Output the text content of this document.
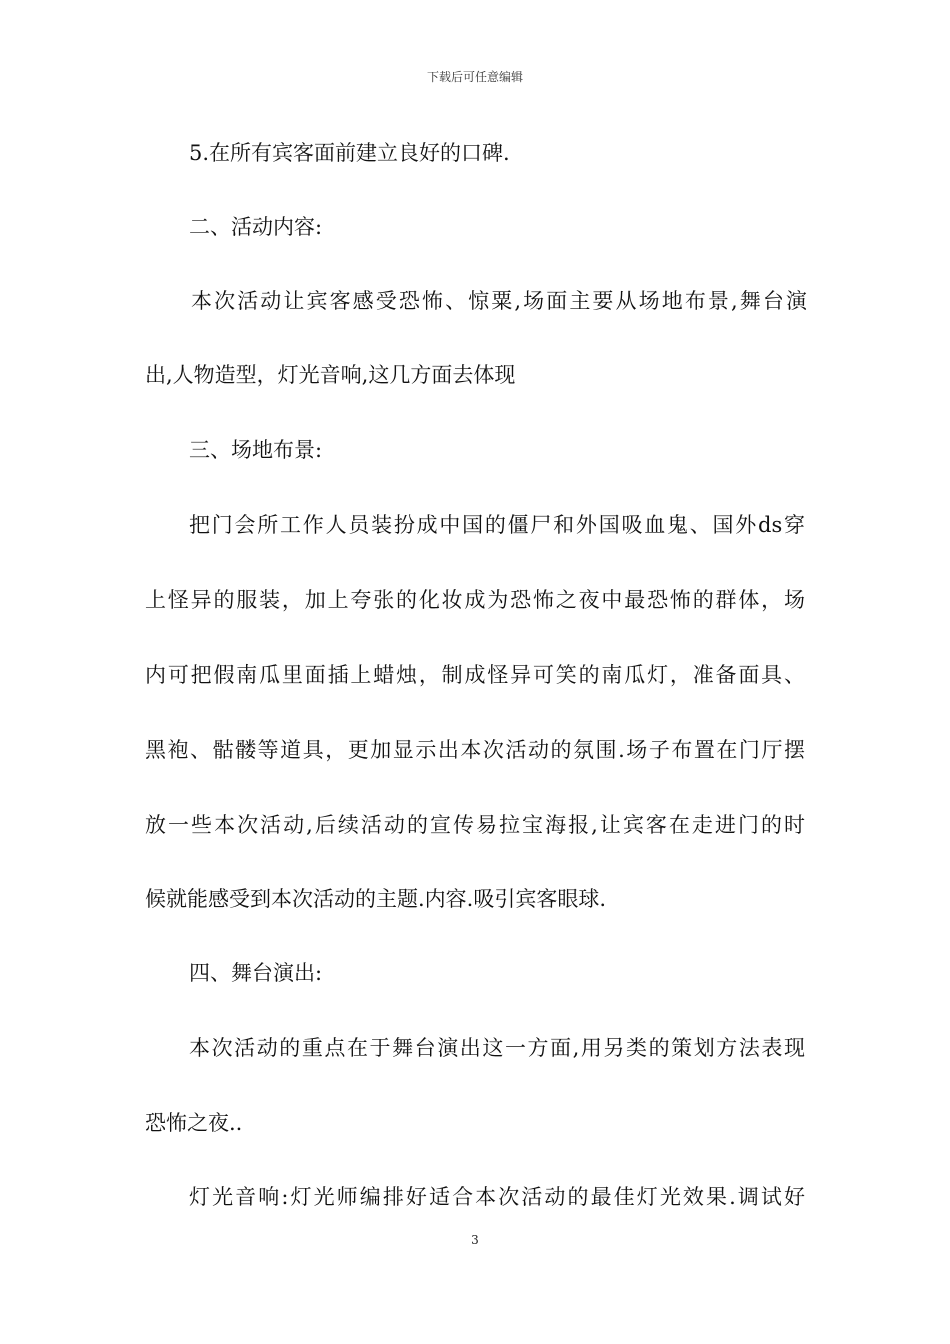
下载后可任意编辑
5.在所有宾客面前建立良好的口碑.
二、活动内容:
本次活动让宾客感受恐怖、惊粟,场面主要从场地布景,舞台演
出,人物造型，灯光音响,这几方面去体现
三、场地布景:
把门会所工作人员装扮成中国的僵尸和外国吸血鬼、国外ds穿
上怪异的服装，加上夸张的化妆成为恐怖之夜中最恐怖的群体，场
内可把假南瓜里面插上蜡烛，制成怪异可笑的南瓜灯，准备面具、
黑袍、骷髅等道具，更加显示出本次活动的氛围.场子布置在门厅摆
放一些本次活动,后续活动的宣传易拉宝海报,让宾客在走进门的时
候就能感受到本次活动的主题.内容.吸引宾客眼球.
四、舞台演出:
本次活动的重点在于舞台演出这一方面,用另类的策划方法表现
恐怖之夜..
灯光音响:灯光师编排好适合本次活动的最佳灯光效果.调试好
3
